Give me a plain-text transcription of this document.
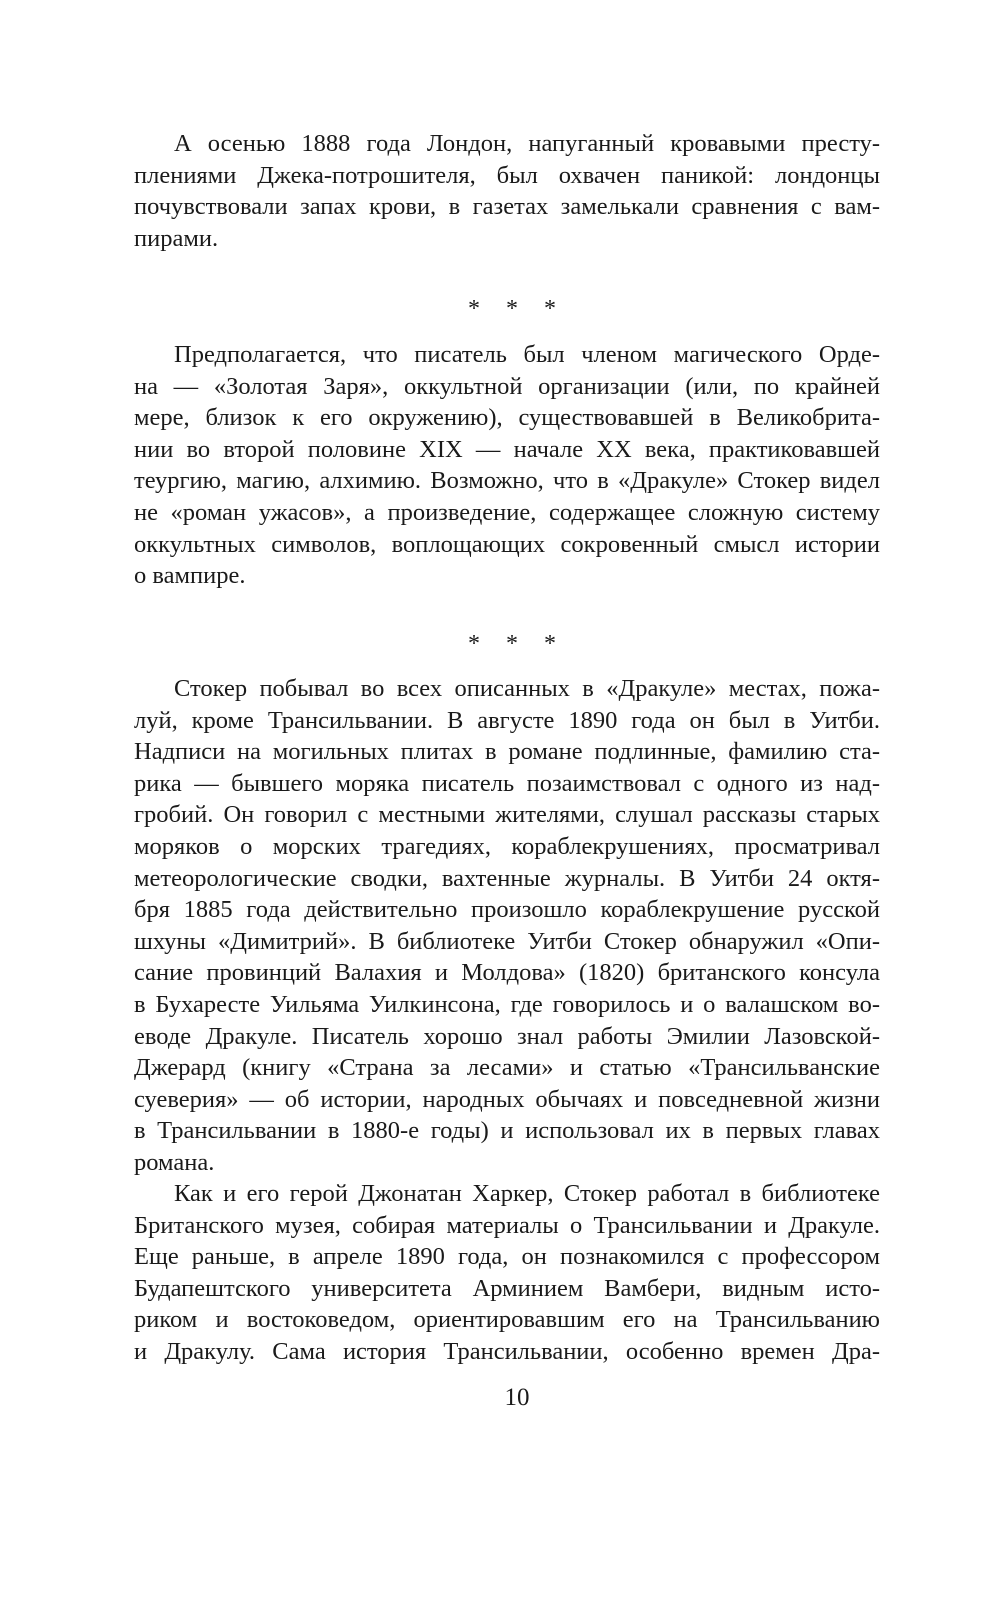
А осенью 1888 года Лондон, напуганный кровавыми престу-
плениями Джека-потрошителя, был охвачен паникой: лондонцы
почувствовали запах крови, в газетах замелькали сравнения с вам-
пирами.
* * *
Предполагается, что писатель был членом магического Орде-
на — «Золотая Заря», оккультной организации (или, по крайней
мере, близок к его окружению), существовавшей в Великобрита-
нии во второй половине XIX — начале XX века, практиковавшей
теургию, магию, алхимию. Возможно, что в «Дракуле» Стокер видел
не «роман ужасов», а произведение, содержащее сложную систему
оккультных символов, воплощающих сокровенный смысл истории
о вампире.
* * *
Стокер побывал во всех описанных в «Дракуле» местах, пожа-
луй, кроме Трансильвании. В августе 1890 года он был в Уитби.
Надписи на могильных плитах в романе подлинные, фамилию ста-
рика — бывшего моряка писатель позаимствовал с одного из над-
гробий. Он говорил с местными жителями, слушал рассказы старых
моряков о морских трагедиях, кораблекрушениях, просматривал
метеорологические сводки, вахтенные журналы. В Уитби 24 октя-
бря 1885 года действительно произошло кораблекрушение русской
шхуны «Димитрий». В библиотеке Уитби Стокер обнаружил «Опи-
сание провинций Валахия и Молдова» (1820) британского консула
в Бухаресте Уильяма Уилкинсона, где говорилось и о валашском во-
еводе Дракуле. Писатель хорошо знал работы Эмилии Лазовской-
Джерард (книгу «Страна за лесами» и статью «Трансильванские
суеверия» — об истории, народных обычаях и повседневной жизни
в Трансильвании в 1880-е годы) и использовал их в первых главах
романа.
Как и его герой Джонатан Харкер, Стокер работал в библиотеке
Британского музея, собирая материалы о Трансильвании и Дракуле.
Еще раньше, в апреле 1890 года, он познакомился с профессором
Будапештского университета Арминием Вамбери, видным исто-
риком и востоковедом, ориентировавшим его на Трансильванию
и Дракулу. Сама история Трансильвании, особенно времен Дра-
10
